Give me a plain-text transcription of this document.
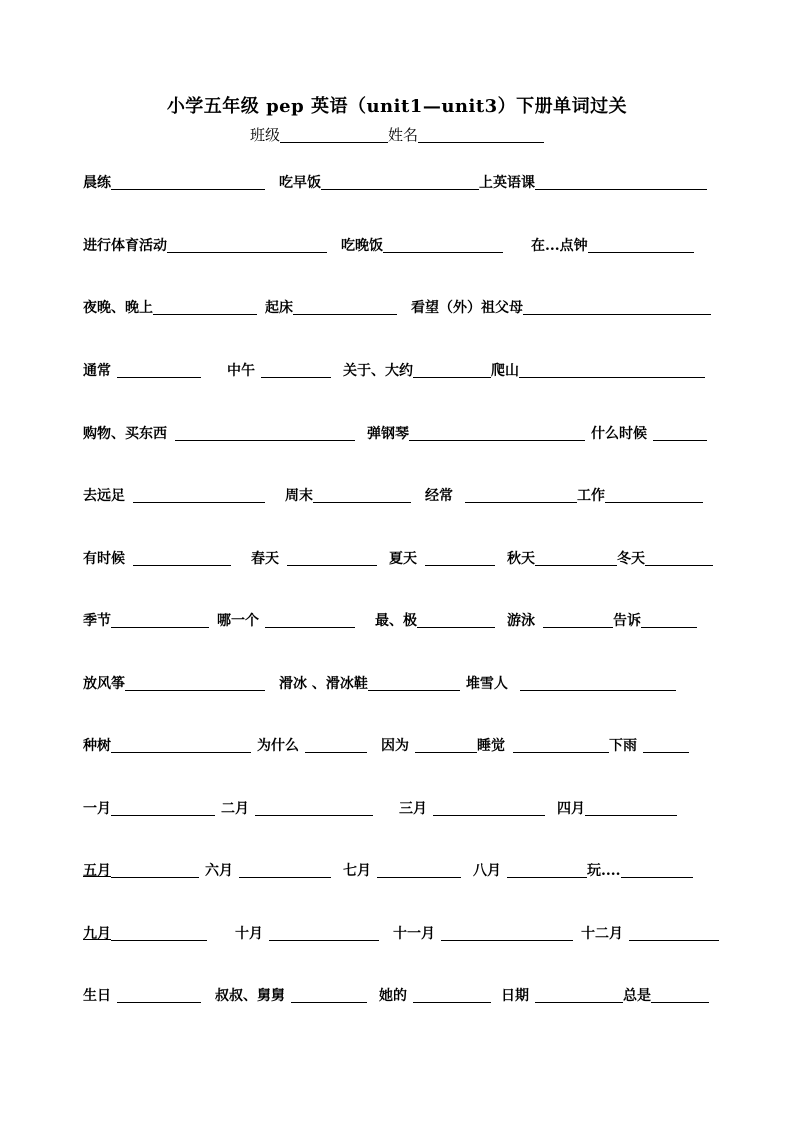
小学五年级 pep 英语（unit1—unit3）下册单词过关
班级	姓名
晨练	吃早饭	上英语课
进行体育活动	吃晚饭	在...点钟
夜晚、晚上	起床	看望（外）祖父母
通常	中午	关于、大约	爬山
购物、买东西	弹钢琴	什么时候
去远足	周末	经常	工作
有时候	春天	夏天	秋天	冬天
季节	哪一个	最、极	游泳	告诉
放风筝	滑冰 、滑冰鞋	堆雪人
种树	为什么	因为	睡觉	下雨
一月	二月	三月	四月
五月	六月	七月	八月	玩....
九月	十月	十一月	十二月
生日	叔叔、舅舅	她的	日期	总是
